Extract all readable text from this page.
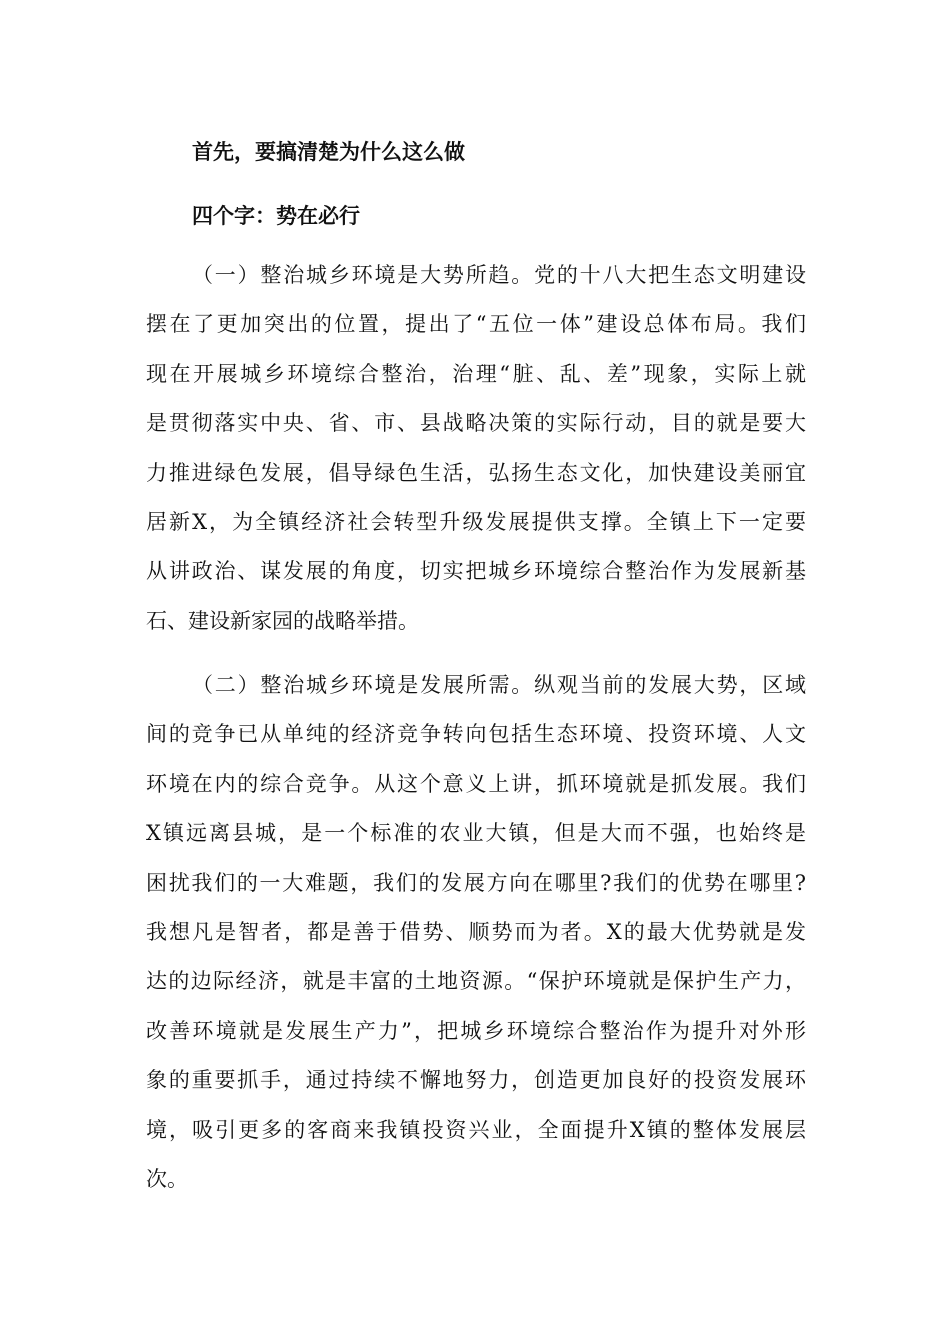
首先，要搞清楚为什么这么做
四个字：势在必行
（一）整治城乡环境是大势所趋。党的十八大把生态文明建设
摆在了更加突出的位置，提出了“五位一体”建设总体布局。我们
现在开展城乡环境综合整治，治理“脏、乱、差”现象，实际上就
是贯彻落实中央、省、市、县战略决策的实际行动，目的就是要大
力推进绿色发展，倡导绿色生活，弘扬生态文化，加快建设美丽宜
居新X，为全镇经济社会转型升级发展提供支撑。全镇上下一定要
从讲政治、谋发展的角度，切实把城乡环境综合整治作为发展新基
石、建设新家园的战略举措。
（二）整治城乡环境是发展所需。纵观当前的发展大势，区域
间的竞争已从单纯的经济竞争转向包括生态环境、投资环境、人文
环境在内的综合竞争。从这个意义上讲，抓环境就是抓发展。我们
X镇远离县城，是一个标准的农业大镇，但是大而不强，也始终是
困扰我们的一大难题，我们的发展方向在哪里?我们的优势在哪里?
我想凡是智者，都是善于借势、顺势而为者。X的最大优势就是发
达的边际经济，就是丰富的土地资源。“保护环境就是保护生产力，
改善环境就是发展生产力”，把城乡环境综合整治作为提升对外形
象的重要抓手，通过持续不懈地努力，创造更加良好的投资发展环
境，吸引更多的客商来我镇投资兴业，全面提升X镇的整体发展层
次。
